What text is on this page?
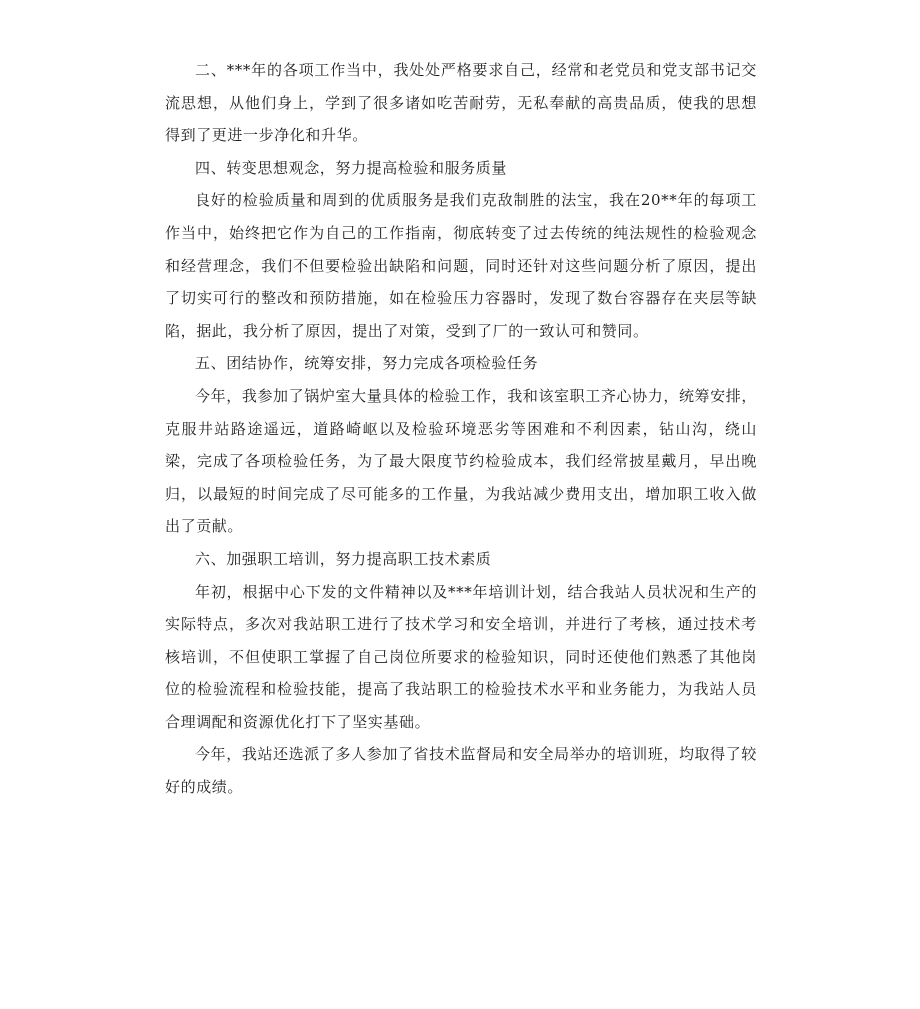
二、***年的各项工作当中，我处处严格要求自己，经常和老党员和党支部书记交流思想，从他们身上，学到了很多诸如吃苦耐劳，无私奉献的高贵品质，使我的思想得到了更进一步净化和升华。

四、转变思想观念，努力提高检验和服务质量

良好的检验质量和周到的优质服务是我们克敌制胜的法宝，我在20**年的每项工作当中，始终把它作为自己的工作指南，彻底转变了过去传统的纯法规性的检验观念和经营理念，我们不但要检验出缺陷和问题，同时还针对这些问题分析了原因，提出了切实可行的整改和预防措施，如在检验压力容器时，发现了数台容器存在夹层等缺陷，据此，我分析了原因，提出了对策，受到了厂的一致认可和赞同。

五、团结协作，统筹安排，努力完成各项检验任务

今年，我参加了锅炉室大量具体的检验工作，我和该室职工齐心协力，统筹安排，克服井站路途遥远，道路崎岖以及检验环境恶劣等困难和不利因素，钻山沟，绕山梁，完成了各项检验任务，为了最大限度节约检验成本，我们经常披星戴月，早出晚归，以最短的时间完成了尽可能多的工作量，为我站减少费用支出，增加职工收入做出了贡献。

六、加强职工培训，努力提高职工技术素质

年初，根据中心下发的文件精神以及***年培训计划，结合我站人员状况和生产的实际特点，多次对我站职工进行了技术学习和安全培训，并进行了考核，通过技术考核培训，不但使职工掌握了自己岗位所要求的检验知识，同时还使他们熟悉了其他岗位的检验流程和检验技能，提高了我站职工的检验技术水平和业务能力，为我站人员合理调配和资源优化打下了坚实基础。

今年，我站还选派了多人参加了省技术监督局和安全局举办的培训班，均取得了较好的成绩。
